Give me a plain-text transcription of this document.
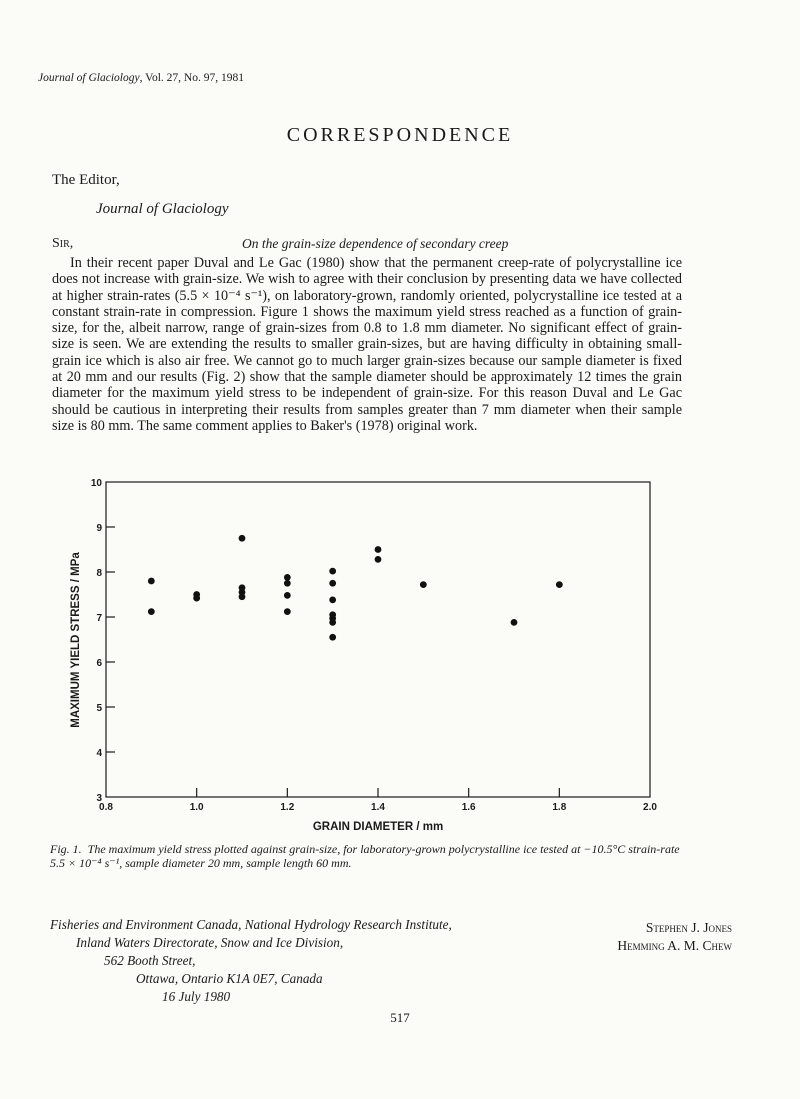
Journal of Glaciology, Vol. 27, No. 97, 1981
CORRESPONDENCE
The Editor,
Journal of Glaciology
Sir,	On the grain-size dependence of secondary creep
In their recent paper Duval and Le Gac (1980) show that the permanent creep-rate of polycrystalline ice does not increase with grain-size. We wish to agree with their conclusion by presenting data we have collected at higher strain-rates (5.5 × 10⁻⁴ s⁻¹), on laboratory-grown, randomly oriented, polycrystalline ice tested at a constant strain-rate in compression. Figure 1 shows the maximum yield stress reached as a function of grain-size, for the, albeit narrow, range of grain-sizes from 0.8 to 1.8 mm diameter. No significant effect of grain-size is seen. We are extending the results to smaller grain-sizes, but are having difficulty in obtaining small-grain ice which is also air free. We cannot go to much larger grain-sizes because our sample diameter is fixed at 20 mm and our results (Fig. 2) show that the sample diameter should be approximately 12 times the grain diameter for the maximum yield stress to be independent of grain-size. For this reason Duval and Le Gac should be cautious in interpreting their results from samples greater than 7 mm diameter when their sample size is 80 mm. The same comment applies to Baker's (1978) original work.
3
4
5
6
7
8
9
10
0.8	1.0	1.2	1.4	1.6	1.8	2.0
GRAIN DIAMETER / mm
MAXIMUM YIELD STRESS / MPa
Fig. 1. The maximum yield stress plotted against grain-size, for laboratory-grown polycrystalline ice tested at −10.5°C strain-rate 5.5 × 10⁻⁴ s⁻¹, sample diameter 20 mm, sample length 60 mm.
Fisheries and Environment Canada, National Hydrology Research Institute,
Inland Waters Directorate, Snow and Ice Division,
562 Booth Street,
Ottawa, Ontario K1A 0E7, Canada
16 July 1980
Stephen J. Jones
Hemming A. M. Chew
517
